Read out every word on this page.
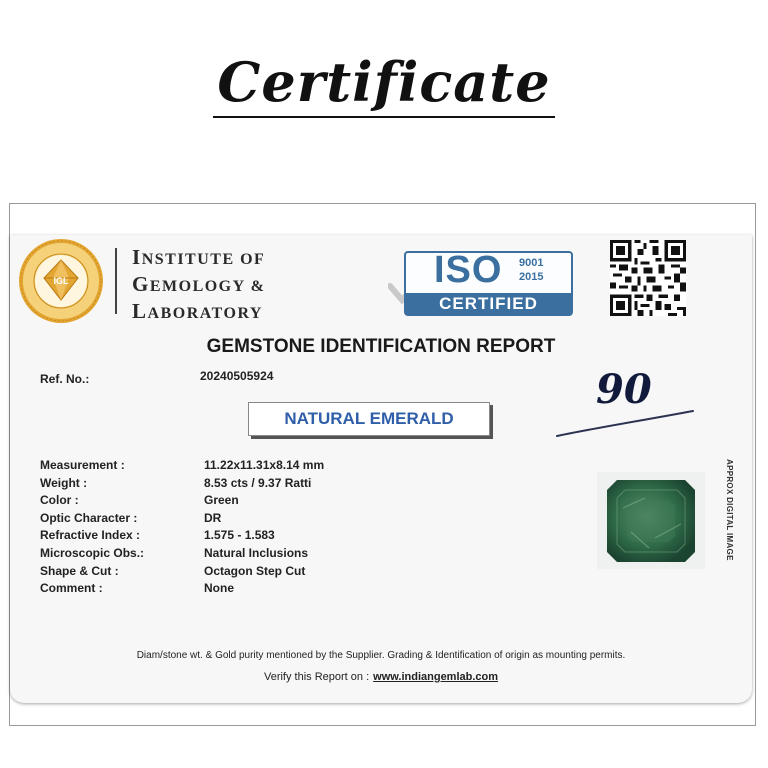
Certificate
IGL
INSTITUTE OF
GEMOLOGY &
LABORATORY
ISO 9001
2015
CERTIFIED
GEMSTONE IDENTIFICATION REPORT
Ref. No.:	20240505924	90
NATURAL EMERALD
Measurement :	11.22x11.31x8.14 mm
Weight :	8.53 cts / 9.37 Ratti
Color :	Green
Optic Character :	DR
Refractive Index :	1.575 - 1.583
Microscopic Obs.:	Natural Inclusions
Shape & Cut :	Octagon Step Cut
Comment :	None
APPROX DIGITAL IMAGE
Diam/stone wt. & Gold purity mentioned by the Supplier. Grading & Identification of origin as mounting permits.
Verify this Report on : www.indiangemlab.com
